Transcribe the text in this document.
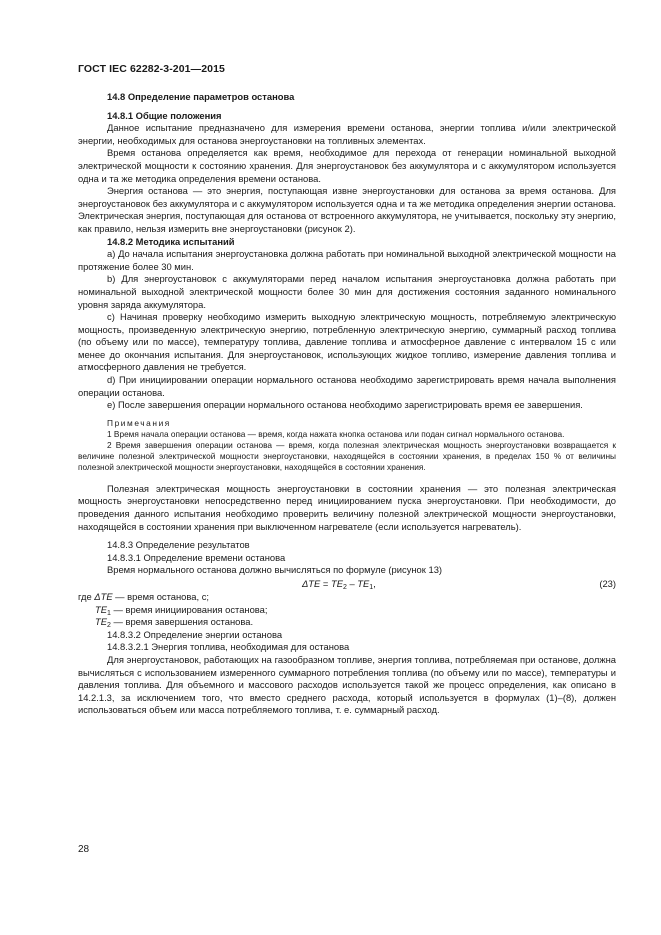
ГОСТ IEC 62282-3-201—2015

14.8 Определение параметров останова

14.8.1 Общие положения

Данное испытание предназначено для измерения времени останова, энергии топлива и/или электрической энергии, необходимых для останова энергоустановки на топливных элементах.

Время останова определяется как время, необходимое для перехода от генерации номинальной выходной электрической мощности к состоянию хранения. Для энергоустановок без аккумулятора и с аккумулятором используется одна и та же методика определения времени останова.

Энергия останова — это энергия, поступающая извне энергоустановки для останова за время останова. Для энергоустановок без аккумулятора и с аккумулятором используется одна и та же методика определения энергии останова. Электрическая энергия, поступающая для останова от встроенного аккумулятора, не учитывается, поскольку эту энергию, как правило, нельзя измерить вне энергоустановки (рисунок 2).

14.8.2 Методика испытаний

a) До начала испытания энергоустановка должна работать при номинальной выходной электрической мощности на протяжение более 30 мин.

b) Для энергоустановок с аккумуляторами перед началом испытания энергоустановка должна работать при номинальной выходной электрической мощности более 30 мин для достижения состояния заданного номинального уровня заряда аккумулятора.

c) Начиная проверку необходимо измерить выходную электрическую мощность, потребляемую электрическую мощность, произведенную электрическую энергию, потребленную электрическую энергию, суммарный расход топлива (по объему или по массе), температуру топлива, давление топлива и атмосферное давление с интервалом 15 с или менее до окончания испытания. Для энергоустановок, использующих жидкое топливо, измерение давления топлива и атмосферного давления не требуется.

d) При инициировании операции нормального останова необходимо зарегистрировать время начала выполнения операции останова.

e) После завершения операции нормального останова необходимо зарегистрировать время ее завершения.

Примечания

1 Время начала операции останова — время, когда нажата кнопка останова или подан сигнал нормального останова.

2 Время завершения операции останова — время, когда полезная электрическая мощность энергоустановки возвращается к величине полезной электрической мощности энергоустановки, находящейся в состоянии хранения, в пределах 150 % от величины полезной электрической мощности энергоустановки, находящейся в состоянии хранения.

Полезная электрическая мощность энергоустановки в состоянии хранения — это полезная электрическая мощность энергоустановки непосредственно перед инициированием пуска энергоустановки. При необходимости, до проведения данного испытания необходимо проверить величину полезной электрической мощности энергоустановки, находящейся в состоянии хранения при выключенном нагревателе (если используется нагреватель).

14.8.3 Определение результатов

14.8.3.1 Определение времени останова

Время нормального останова должно вычисляться по формуле (рисунок 13)

$\Delta TE = TE_2 - TE_1$,	(23)

где ΔTE — время останова, с;

$TE_1$ — время инициирования останова;

$TE_2$ — время завершения останова.

14.8.3.2 Определение энергии останова

14.8.3.2.1 Энергия топлива, необходимая для останова

Для энергоустановок, работающих на газообразном топливе, энергия топлива, потребляемая при останове, должна вычисляться с использованием измеренного суммарного потребления топлива (по объему или по массе), температуры и давления топлива. Для объемного и массового расходов используется такой же процесс определения, как описано в 14.2.1.3, за исключением того, что вместо среднего расхода, который используется в формулах (1)–(8), должен использоваться объем или масса потребляемого топлива, т. е. суммарный расход.

28
